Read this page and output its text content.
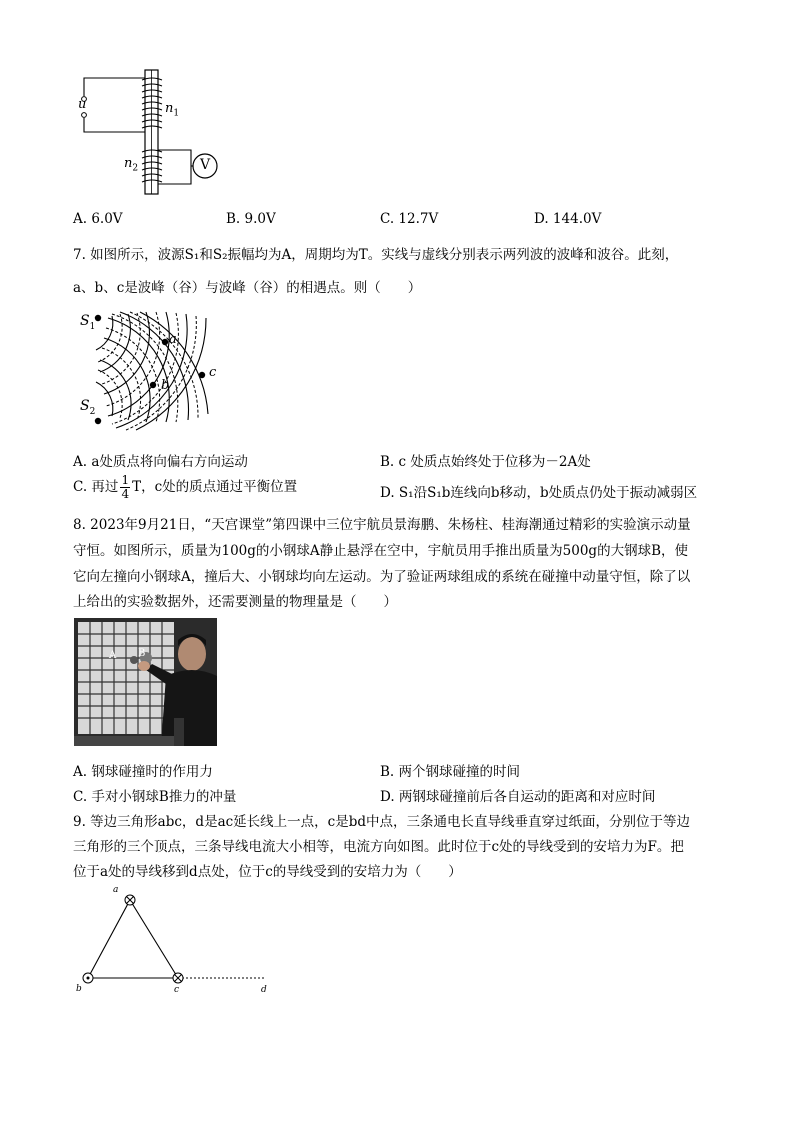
u	$n_1$
$n_2$	V
A. 6.0V	B. 9.0V	C. 12.7V	D. 144.0V
7. 如图所示，波源S₁和S₂振幅均为A，周期均为T。实线与虚线分别表示两列波的波峰和波谷。此刻，
a、b、c是波峰（谷）与波峰（谷）的相遇点。则（　　）
$S_1$
$S_2$
a
b
c
A. a处质点将向偏右方向运动	B. c 处质点始终处于位移为－2A处
C. 再过 $\frac{1}{4}$ T，c处的质点通过平衡位置	D. S₁沿S₁b连线向b移动，b处质点仍处于振动减弱区
8. 2023年9月21日，“天宫课堂”第四课中三位宇航员景海鹏、朱杨柱、桂海潮通过精彩的实验演示动量
守恒。如图所示，质量为100g的小钢球A静止悬浮在空中，宇航员用手推出质量为500g的大钢球B，使
它向左撞向小钢球A，撞后大、小钢球均向左运动。为了验证两球组成的系统在碰撞中动量守恒，除了以
上给出的实验数据外，还需要测量的物理量是（　　）
A B
A. 钢球碰撞时的作用力	B. 两个钢球碰撞的时间
C. 手对小钢球B推力的冲量	D. 两钢球碰撞前后各自运动的距离和对应时间
9. 等边三角形abc，d是ac延长线上一点，c是bd中点，三条通电长直导线垂直穿过纸面，分别位于等边
三角形的三个顶点，三条导线电流大小相等，电流方向如图。此时位于c处的导线受到的安培力为F。把
位于a处的导线移到d点处，位于c的导线受到的安培力为（　　）
a
b	c	d
